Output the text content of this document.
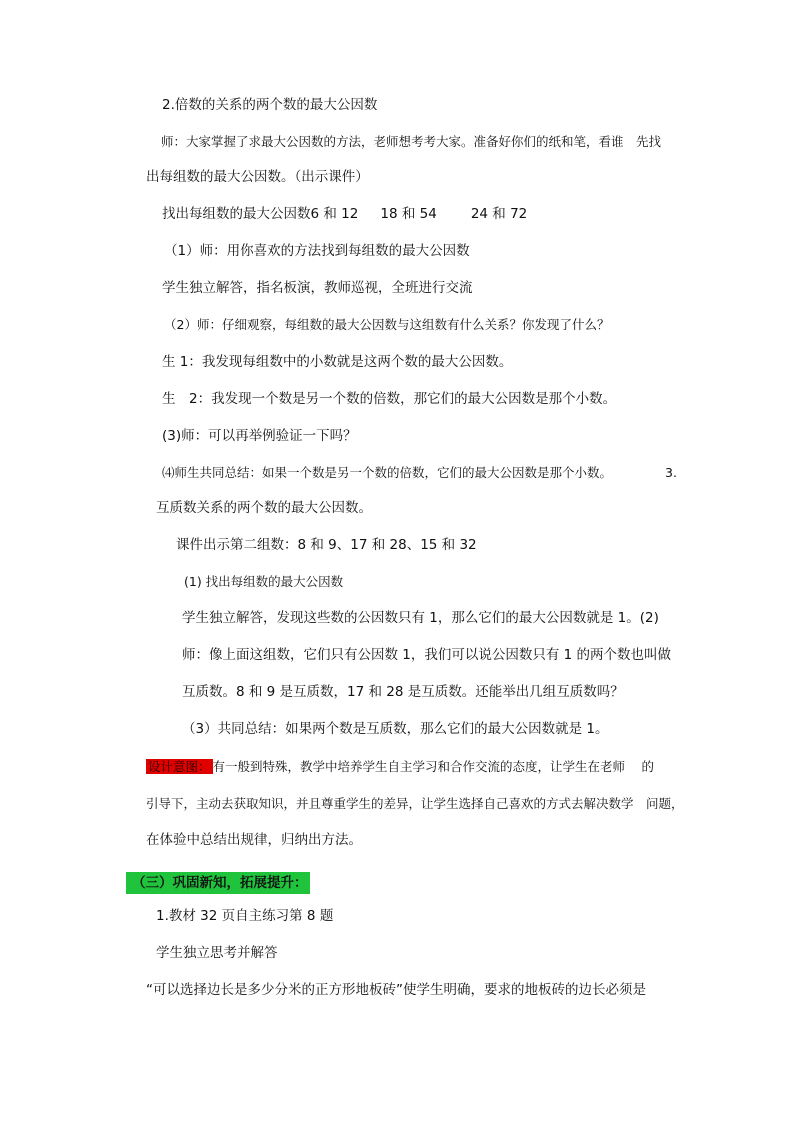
2.倍数的关系的两个数的最大公因数
师：大家掌握了求最大公因数的方法，老师想考考大家。准备好你们的纸和笔，看谁　先找
出每组数的最大公因数。（出示课件）
找出每组数的最大公因数6 和 12 18 和 54	24 和 72
（1）师：用你喜欢的方法找到每组数的最大公因数
学生独立解答，指名板演，教师巡视，全班进行交流
（2）师：仔细观察，每组数的最大公因数与这组数有什么关系？你发现了什么？
生 1：我发现每组数中的小数就是这两个数的最大公因数。
生　2：我发现一个数是另一个数的倍数，那它们的最大公因数是那个小数。
(3)师：可以再举例验证一下吗？
⑷师生共同总结：如果一个数是另一个数的倍数，它们的最大公因数是那个小数。	3.
互质数关系的两个数的最大公因数。
课件出示第二组数：8 和 9、17 和 28、15 和 32
(1) 找出每组数的最大公因数
学生独立解答，发现这些数的公因数只有 1，那么它们的最大公因数就是 1。(2)
师：像上面这组数，它们只有公因数 1，我们可以说公因数只有 1 的两个数也叫做
互质数。8 和 9 是互质数，17 和 28 是互质数。还能举出几组互质数吗？
（3）共同总结：如果两个数是互质数，那么它们的最大公因数就是 1。
设计意图： 有一般到特殊，教学中培养学生自主学习和合作交流的态度，让学生在老师　 的
引导下，主动去获取知识，并且尊重学生的差异，让学生选择自己喜欢的方式去解决数学　问题，
在体验中总结出规律，归纳出方法。
（三）巩固新知，拓展提升：
1.教材 32 页自主练习第 8 题
学生独立思考并解答
“可以选择边长是多少分米的正方形地板砖”使学生明确，要求的地板砖的边长必须是
